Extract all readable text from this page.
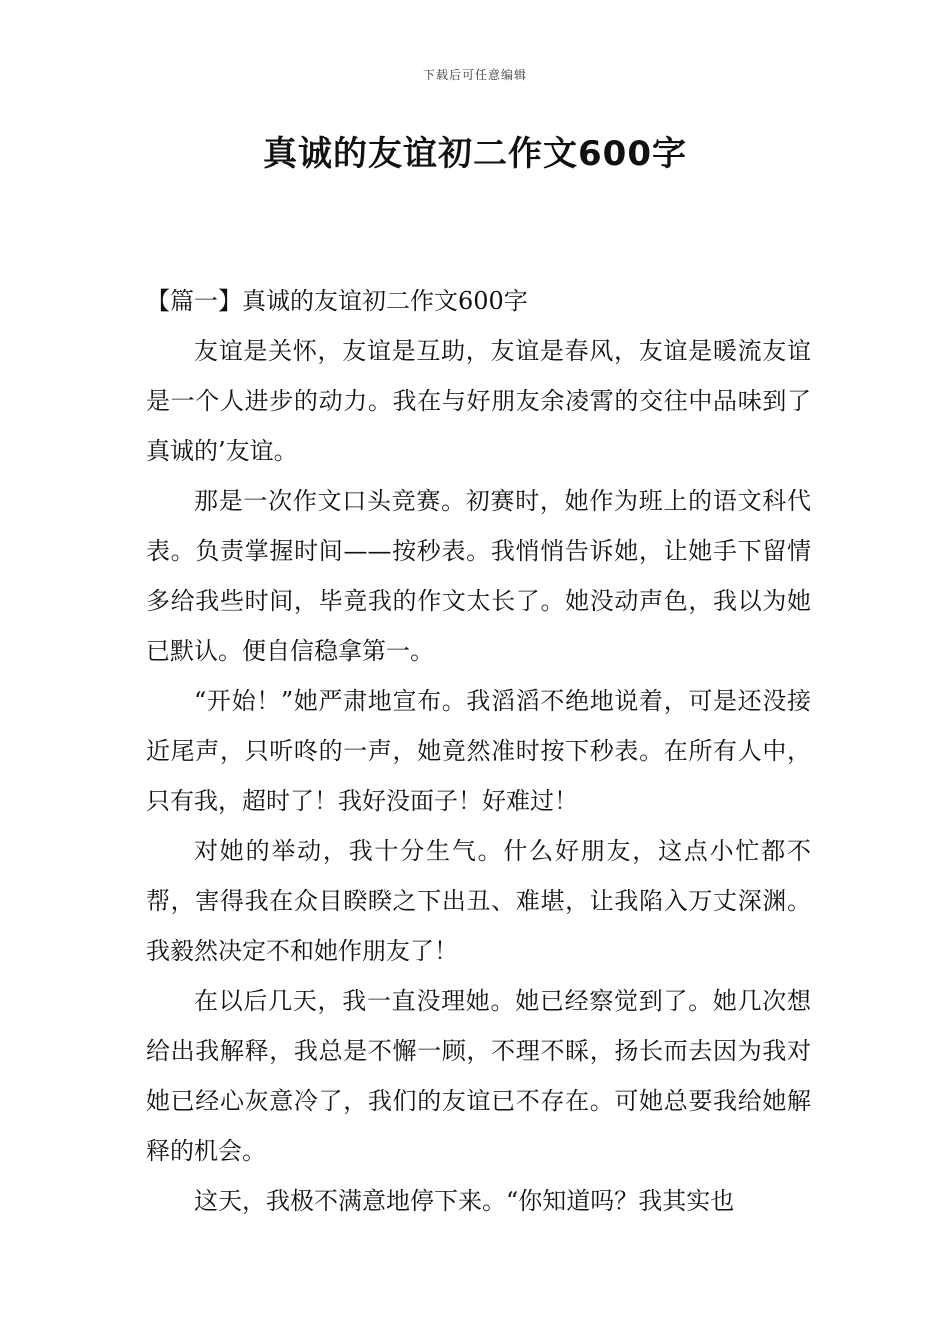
下载后可任意编辑
真诚的友谊初二作文600字

【篇一】真诚的友谊初二作文600字

友谊是关怀，友谊是互助，友谊是春风，友谊是暖流友谊是一个人进步的动力。我在与好朋友余凌霄的交往中品味到了真诚的’友谊。

那是一次作文口头竞赛。初赛时，她作为班上的语文科代表。负责掌握时间——按秒表。我悄悄告诉她，让她手下留情多给我些时间，毕竟我的作文太长了。她没动声色，我以为她已默认。便自信稳拿第一。

“开始！”她严肃地宣布。我滔滔不绝地说着，可是还没接近尾声，只听咚的一声，她竟然准时按下秒表。在所有人中，只有我，超时了！我好没面子！好难过！

对她的举动，我十分生气。什么好朋友，这点小忙都不帮，害得我在众目睽睽之下出丑、难堪，让我陷入万丈深渊。我毅然决定不和她作朋友了！

在以后几天，我一直没理她。她已经察觉到了。她几次想给出我解释，我总是不懈一顾，不理不睬，扬长而去因为我对她已经心灰意冷了，我们的友谊已不存在。可她总要我给她解释的机会。

这天，我极不满意地停下来。“你知道吗？我其实也
